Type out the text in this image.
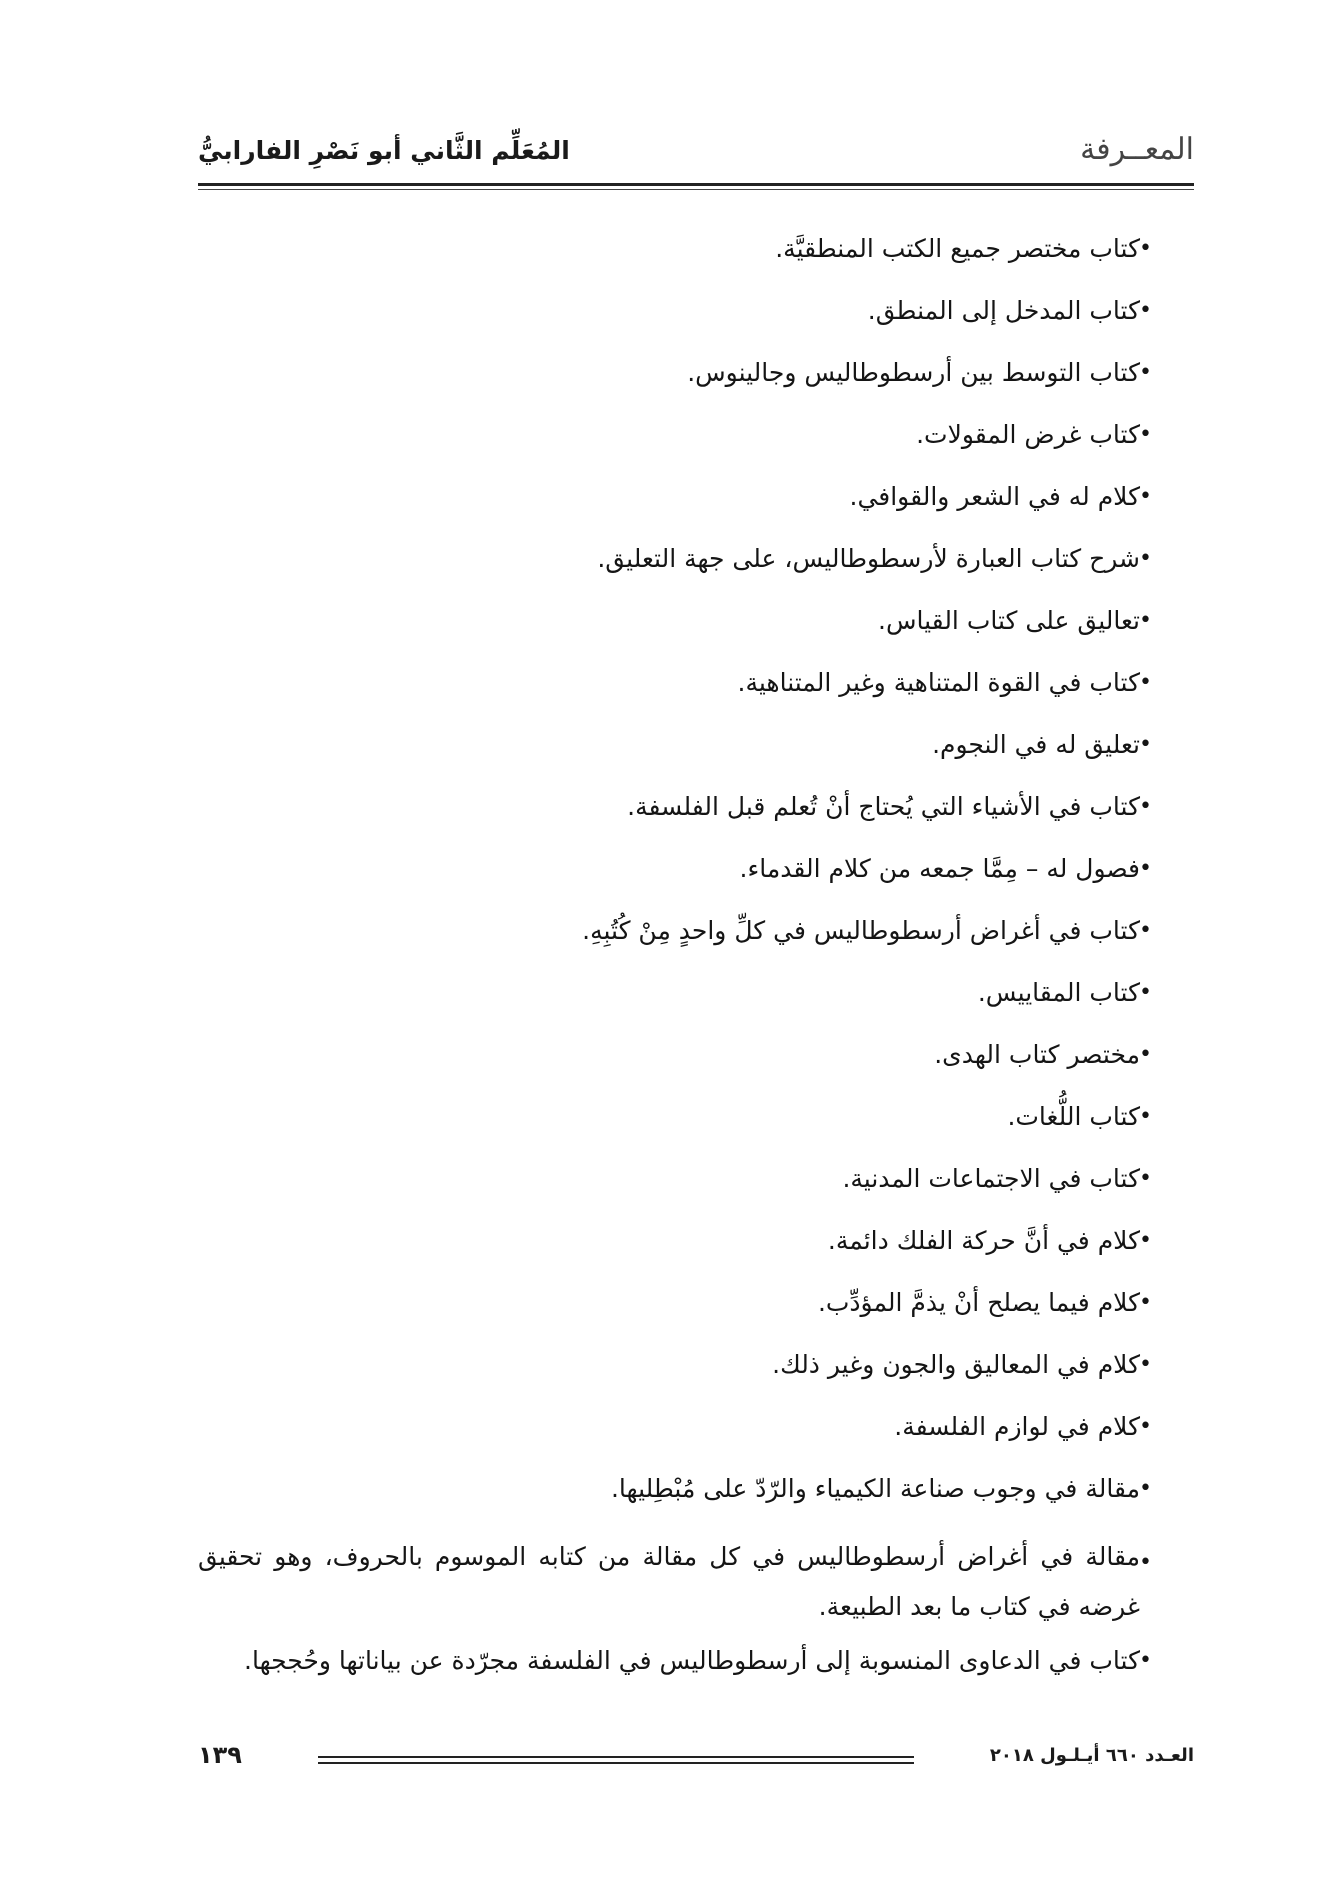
المعــرفة
المُعَلِّم الثَّاني أبو نَصْرِ الفارابيُّ
•
كتاب مختصر جميع الكتب المنطقيَّة.
•
كتاب المدخل إلى المنطق.
•
كتاب التوسط بين أرسطوطاليس وجالينوس.
•
كتاب غرض المقولات.
•
كلام له في الشعر والقوافي.
•
شرح كتاب العبارة لأرسطوطاليس، على جهة التعليق.
•
تعاليق على كتاب القياس.
•
كتاب في القوة المتناهية وغير المتناهية.
•
تعليق له في النجوم.
•
كتاب في الأشياء التي يُحتاج أنْ تُعلم قبل الفلسفة.
•
فصول له – مِمَّا جمعه من كلام القدماء.
•
كتاب في أغراض أرسطوطاليس في كلِّ واحدٍ مِنْ كُتُبِهِ.
•
كتاب المقاييس.
•
مختصر كتاب الهدى.
•
كتاب اللُّغات.
•
كتاب في الاجتماعات المدنية.
•
كلام في أنَّ حركة الفلك دائمة.
•
كلام فيما يصلح أنْ يذمَّ المؤدِّب.
•
كلام في المعاليق والجون وغير ذلك.
•
كلام في لوازم الفلسفة.
•
مقالة في وجوب صناعة الكيمياء والرّدّ على مُبْطِليها.
•
مقالة في أغراض أرسطوطاليس في كل مقالة من كتابه الموسوم بالحروف، وهو تحقيق غرضه في كتاب ما بعد الطبيعة.
•
كتاب في الدعاوى المنسوبة إلى أرسطوطاليس في الفلسفة مجرّدة عن بياناتها وحُججها.
العـدد ٦٦٠ أيـلـول ٢٠١٨
١٣٩
